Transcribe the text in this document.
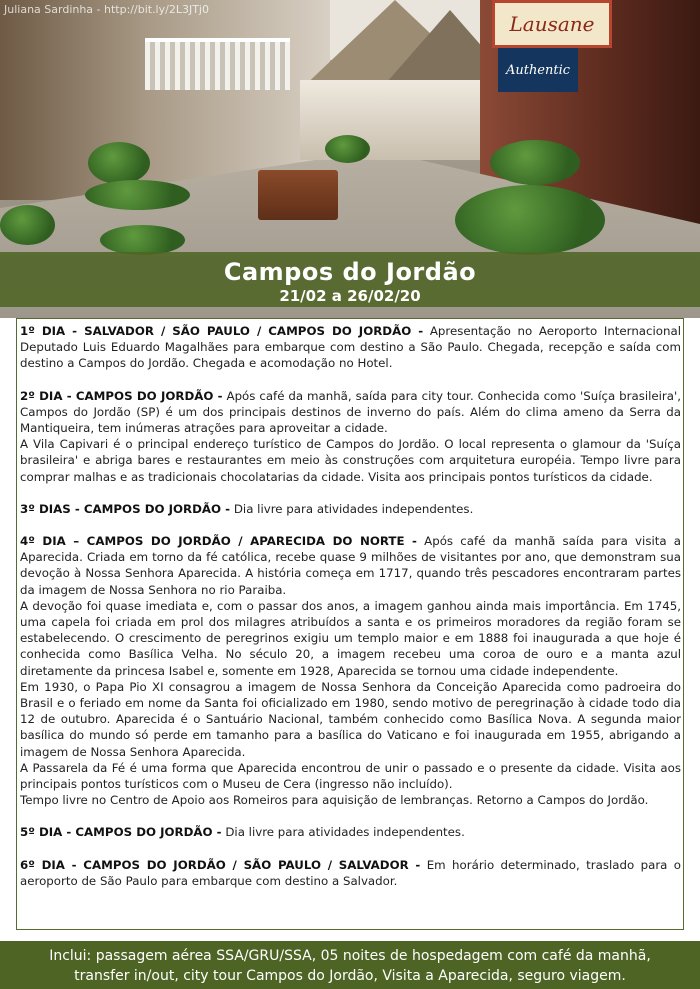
Lausane
Authentic
Juliana Sardinha - http://bit.ly/2L3JTj0
Campos do Jordão
21/02 a 26/02/20

1º DIA - SALVADOR / SÃO PAULO / CAMPOS DO JORDÃO - Apresentação no Aeroporto Internacional Deputado Luis Eduardo Magalhães para embarque com destino a São Paulo. Chegada, recepção e saída com destino a Campos do Jordão. Chegada e acomodação no Hotel.

2º DIA - CAMPOS DO JORDÃO - Após café da manhã, saída para city tour. Conhecida como 'Suíça brasileira', Campos do Jordão (SP) é um dos principais destinos de inverno do país. Além do clima ameno da Serra da Mantiqueira, tem inúmeras atrações para aproveitar a cidade.

A Vila Capivari é o principal endereço turístico de Campos do Jordão. O local representa o glamour da 'Suíça brasileira' e abriga bares e restaurantes em meio às construções com arquitetura européia. Tempo livre para comprar malhas e as tradicionais chocolatarias da cidade. Visita aos principais pontos turísticos da cidade.

3º DIAS - CAMPOS DO JORDÃO - Dia livre para atividades independentes.

4º DIA – CAMPOS DO JORDÃO / APARECIDA DO NORTE - Após café da manhã saída para visita a Aparecida. Criada em torno da fé católica, recebe quase 9 milhões de visitantes por ano, que demonstram sua devoção à Nossa Senhora Aparecida. A história começa em 1717, quando três pescadores encontraram partes da imagem de Nossa Senhora no rio Paraiba.

A devoção foi quase imediata e, com o passar dos anos, a imagem ganhou ainda mais importância. Em 1745, uma capela foi criada em prol dos milagres atribuídos a santa e os primeiros moradores da região foram se estabelecendo. O crescimento de peregrinos exigiu um templo maior e em 1888 foi inaugurada a que hoje é conhecida como Basílica Velha. No século 20, a imagem recebeu uma coroa de ouro e a manta azul diretamente da princesa Isabel e, somente em 1928, Aparecida se tornou uma cidade independente.

Em 1930, o Papa Pio XI consagrou a imagem de Nossa Senhora da Conceição Aparecida como padroeira do Brasil e o feriado em nome da Santa foi oficializado em 1980, sendo motivo de peregrinação à cidade todo dia 12 de outubro. Aparecida é o Santuário Nacional, também conhecido como Basílica Nova. A segunda maior basílica do mundo só perde em tamanho para a basílica do Vaticano e foi inaugurada em 1955, abrigando a imagem de Nossa Senhora Aparecida.

A Passarela da Fé é uma forma que Aparecida encontrou de unir o passado e o presente da cidade. Visita aos principais pontos turísticos com o Museu de Cera (ingresso não incluído).

Tempo livre no Centro de Apoio aos Romeiros para aquisição de lembranças. Retorno a Campos do Jordão.

5º DIA - CAMPOS DO JORDÃO - Dia livre para atividades independentes.

6º DIA - CAMPOS DO JORDÃO / SÃO PAULO / SALVADOR - Em horário determinado, traslado para o aeroporto de São Paulo para embarque com destino a Salvador.

Inclui: passagem aérea SSA/GRU/SSA, 05 noites de hospedagem com café da manhã,
transfer in/out, city tour Campos do Jordão, Visita a Aparecida, seguro viagem.
